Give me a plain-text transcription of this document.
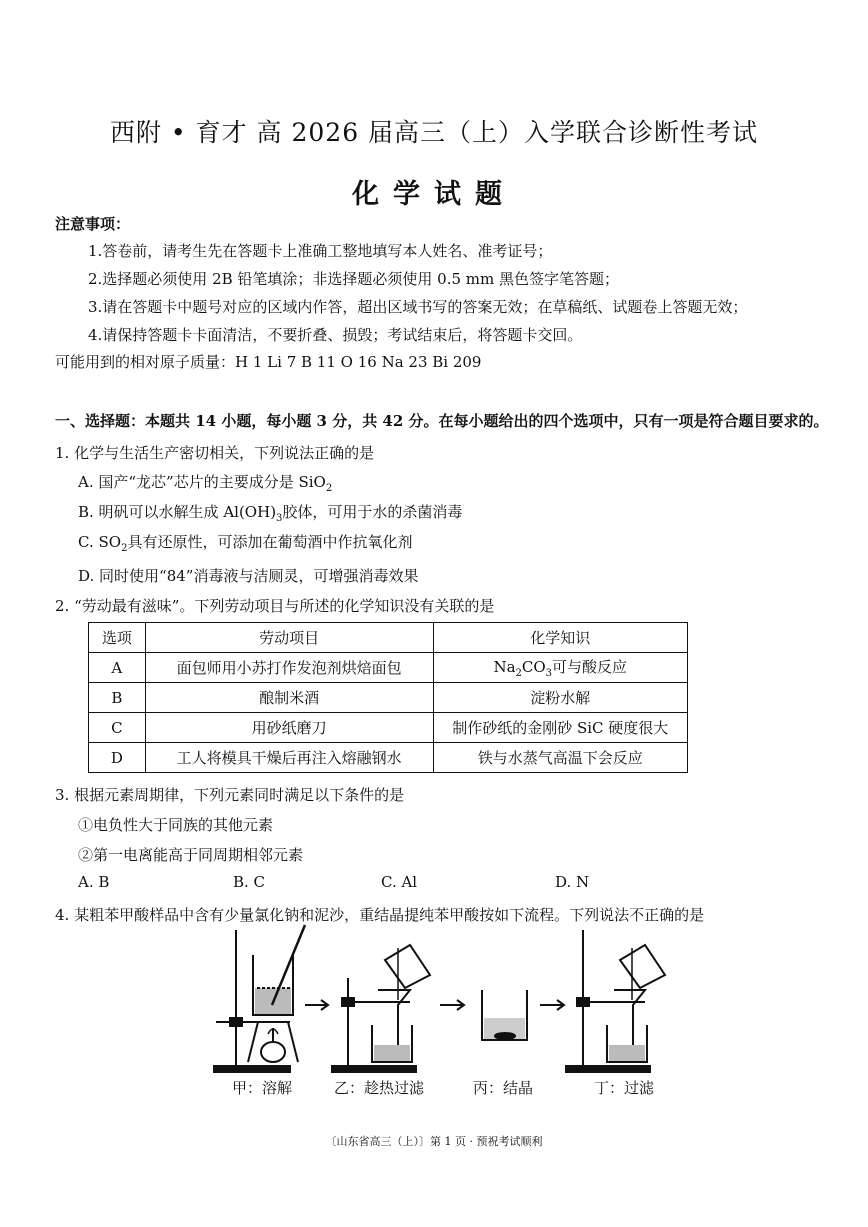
西附 • 育才 高 2026 届高三（上）入学联合诊断性考试
化学试题
注意事项：
1.答卷前，请考生先在答题卡上准确工整地填写本人姓名、准考证号；
2.选择题必须使用 2B 铅笔填涂；非选择题必须使用 0.5 mm 黑色签字笔答题；
3.请在答题卡中题号对应的区域内作答，超出区域书写的答案无效；在草稿纸、试题卷上答题无效；
4.请保持答题卡卡面清洁，不要折叠、损毁；考试结束后，将答题卡交回。
可能用到的相对原子质量：H 1 Li 7 B 11 O 16 Na 23 Bi 209
一、选择题：本题共 14 小题，每小题 3 分，共 42 分。在每小题给出的四个选项中，只有一项是符合题目要求的。
1. 化学与生活生产密切相关，下列说法正确的是
A. 国产“龙芯”芯片的主要成分是 SiO$_2$
B. 明矾可以水解生成 $Al(OH)_3$胶体，可用于水的杀菌消毒
C. $SO_2$具有还原性，可添加在葡萄酒中作抗氧化剂
D. 同时使用“84”消毒液与洁厕灵，可增强消毒效果
2. “劳动最有滋味”。下列劳动项目与所述的化学知识没有关联的是
选项	劳动项目	化学知识
A	面包师用小苏打作发泡剂烘焙面包	$Na_2CO_3$可与酸反应
B	酿制米酒	淀粉水解
C	用砂纸磨刀	制作砂纸的金刚砂 SiC 硬度很大
D	工人将模具干燥后再注入熔融钢水	铁与水蒸气高温下会反应
3. 根据元素周期律，下列元素同时满足以下条件的是
①电负性大于同族的其他元素
②第一电离能高于同周期相邻元素
A. B	B. C	C. Al	D. N
4. 某粗苯甲酸样品中含有少量氯化钠和泥沙，重结晶提纯苯甲酸按如下流程。下列说法不正确的是
甲：溶解	乙：趁热过滤	丙：结晶	丁：过滤
〔山东省高三（上）〕第 1 页 · 预祝考试顺利
